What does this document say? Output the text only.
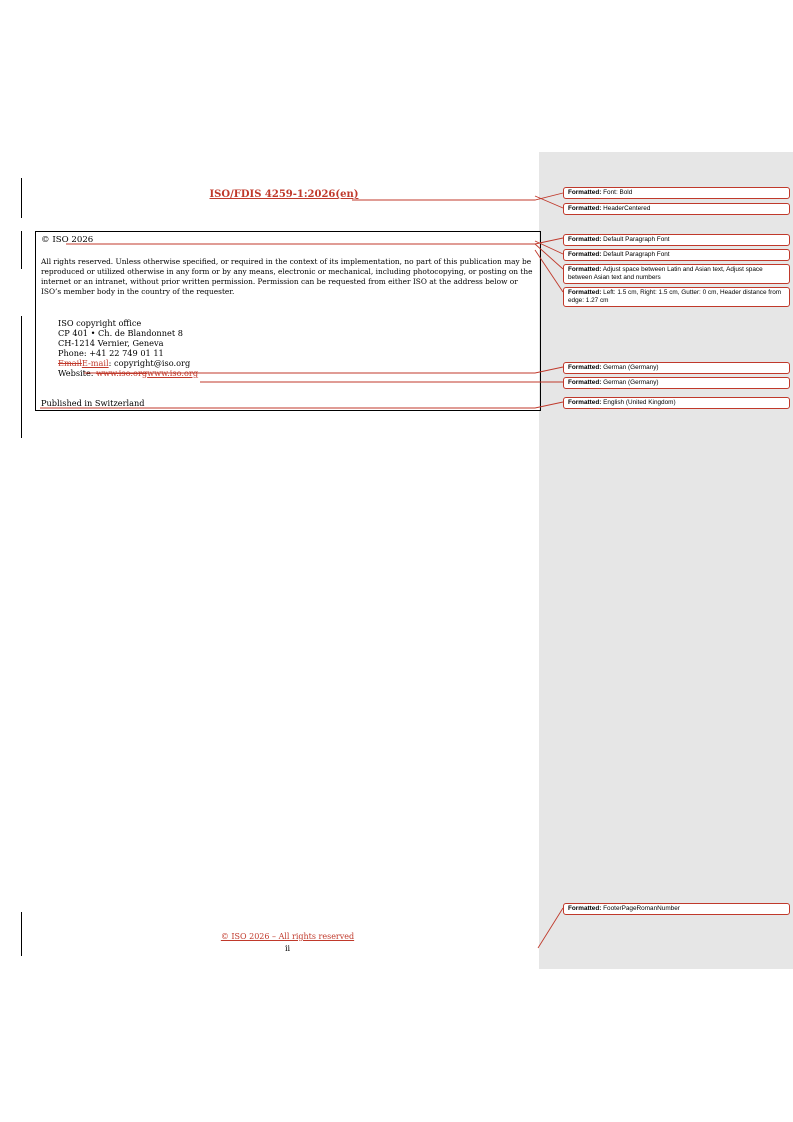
ISO/FDIS 4259-1:2026(en)
© ISO 2026
All rights reserved. Unless otherwise specified, or required in the context of its implementation, no part of this publication may be reproduced or utilized otherwise in any form or by any means, electronic or mechanical, including photocopying, or posting on the internet or an intranet, without prior written permission. Permission can be requested from either ISO at the address below or ISO’s member body in the country of the requester.
ISO copyright office
CP 401 • Ch. de Blandonnet 8
CH-1214 Vernier, Geneva
Phone: +41 22 749 01 11
EmailE-mail: copyright@iso.org
Website: www.iso.orgwww.iso.org
Published in Switzerland
© ISO 2026 – All rights reserved
ii
Formatted: Font: Bold
Formatted: HeaderCentered
Formatted: Default Paragraph Font
Formatted: Default Paragraph Font
Formatted: Adjust space between Latin and Asian text, Adjust space between Asian text and numbers
Formatted: Left: 1.5 cm, Right: 1.5 cm, Gutter: 0 cm, Header distance from edge: 1.27 cm
Formatted: German (Germany)
Formatted: German (Germany)
Formatted: English (United Kingdom)
Formatted: FooterPageRomanNumber
